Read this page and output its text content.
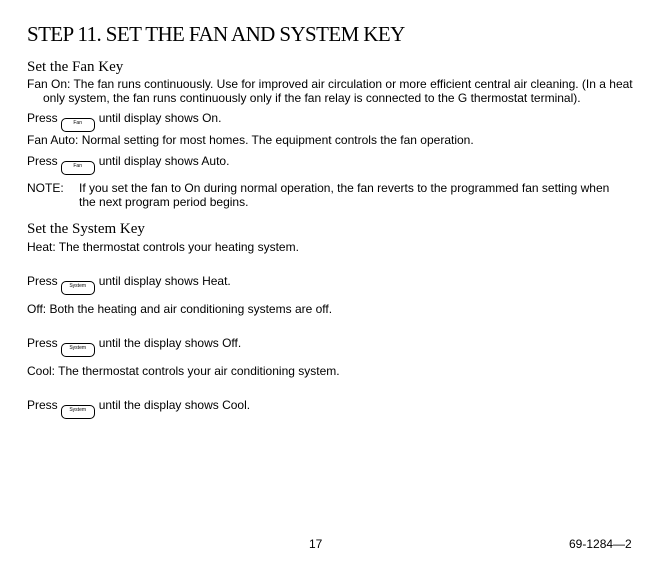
STEP 11. SET THE FAN AND SYSTEM KEY
Set the Fan Key
Fan On: The fan runs continuously. Use for improved air circulation or more efficient central air cleaning. (In a heat only system, the fan runs continuously only if the fan relay is connected to the G thermostat terminal).
Press	Fan until display shows On.
Fan Auto: Normal setting for most homes. The equipment controls the fan operation.
Press	Fan until display shows Auto.
NOTE: If you set the fan to On during normal operation, the fan reverts to the programmed fan setting when the next program period begins.
Set the System Key
Heat: The thermostat controls your heating system.
Press System until display shows Heat.
Off: Both the heating and air conditioning systems are off.
Press System until the display shows Off.
Cool: The thermostat controls your air conditioning system.
Press System until the display shows Cool.
17	69-1284—2
